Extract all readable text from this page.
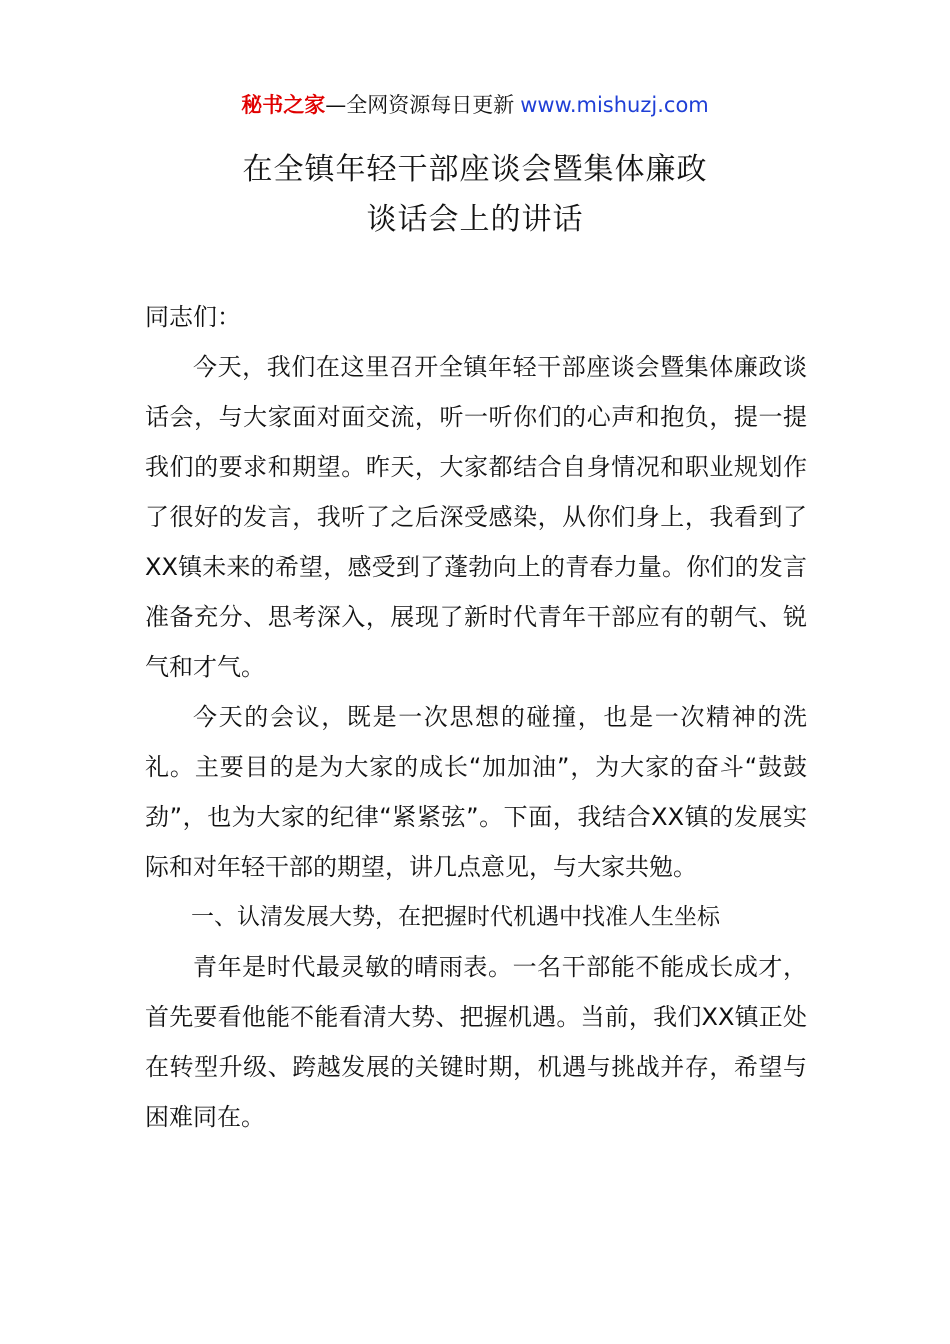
秘书之家—全网资源每日更新 www.mishuzj.com
在全镇年轻干部座谈会暨集体廉政
谈话会上的讲话

同志们：

今天，我们在这里召开全镇年轻干部座谈会暨集体廉政谈话会，与大家面对面交流，听一听你们的心声和抱负，提一提我们的要求和期望。昨天，大家都结合自身情况和职业规划作了很好的发言，我听了之后深受感染，从你们身上，我看到了XX镇未来的希望，感受到了蓬勃向上的青春力量。你们的发言准备充分、思考深入，展现了新时代青年干部应有的朝气、锐气和才气。

今天的会议，既是一次思想的碰撞，也是一次精神的洗礼。主要目的是为大家的成长“加加油”，为大家的奋斗“鼓鼓劲”，也为大家的纪律“紧紧弦”。下面，我结合XX镇的发展实际和对年轻干部的期望，讲几点意见，与大家共勉。

一、认清发展大势，在把握时代机遇中找准人生坐标

青年是时代最灵敏的晴雨表。一名干部能不能成长成才，首先要看他能不能看清大势、把握机遇。当前，我们XX镇正处在转型升级、跨越发展的关键时期，机遇与挑战并存，希望与困难同在。
